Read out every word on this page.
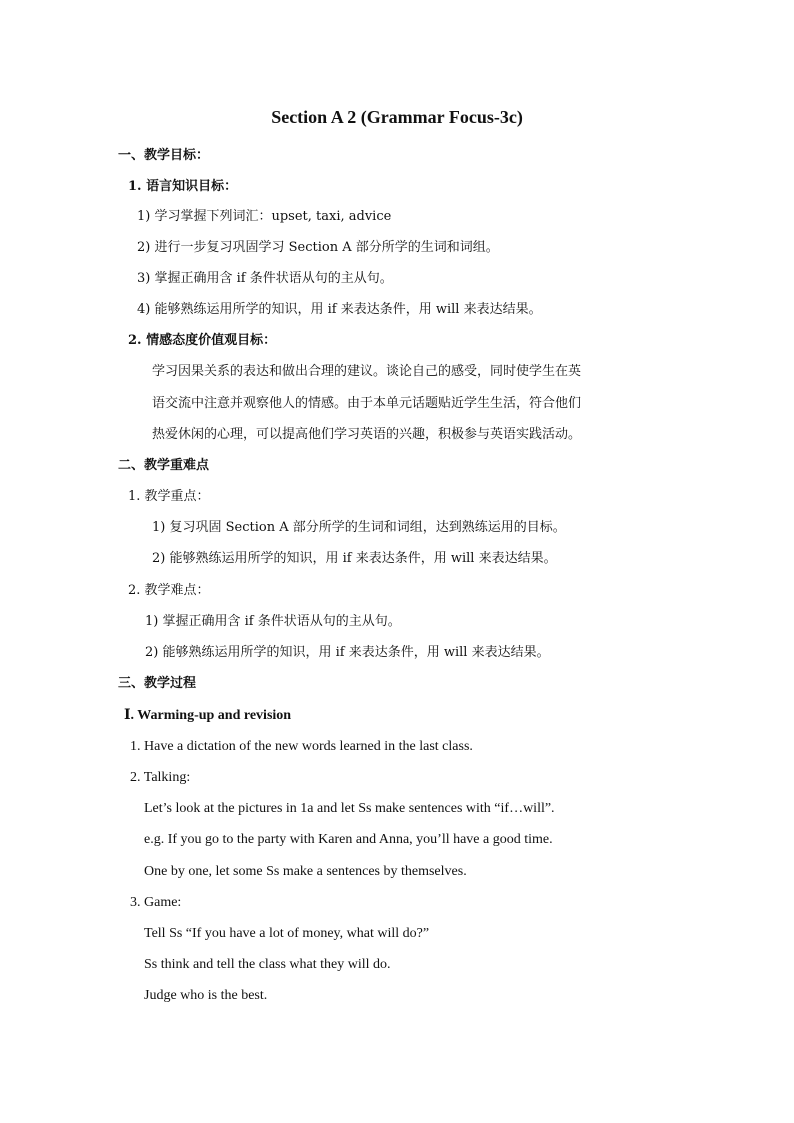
Section A 2 (Grammar Focus-3c)
一、教学目标：
1. 语言知识目标：
1) 学习掌握下列词汇：upset, taxi, advice
2) 进行一步复习巩固学习 Section A 部分所学的生词和词组。
3) 掌握正确用含 if 条件状语从句的主从句。
4) 能够熟练运用所学的知识，用 if 来表达条件，用 will 来表达结果。
2. 情感态度价值观目标：
学习因果关系的表达和做出合理的建议。谈论自己的感受，同时使学生在英
语交流中注意并观察他人的情感。由于本单元话题贴近学生生活，符合他们
热爱休闲的心理，可以提高他们学习英语的兴趣，积极参与英语实践活动。
二、教学重难点
1. 教学重点：
1) 复习巩固 Section A 部分所学的生词和词组，达到熟练运用的目标。
2) 能够熟练运用所学的知识，用 if 来表达条件，用 will 来表达结果。
2. 教学难点：
1) 掌握正确用含 if 条件状语从句的主从句。
2) 能够熟练运用所学的知识，用 if 来表达条件，用 will 来表达结果。
三、教学过程
Ⅰ. Warming-up and revision
1. Have a dictation of the new words learned in the last class.
2. Talking:
Let’s look at the pictures in 1a and let Ss make sentences with “if…will”.
e.g. If you go to the party with Karen and Anna, you’ll have a good time.
One by one, let some Ss make a sentences by themselves.
3. Game:
Tell Ss “If you have a lot of money, what will do?”
Ss think and tell the class what they will do.
Judge who is the best.
